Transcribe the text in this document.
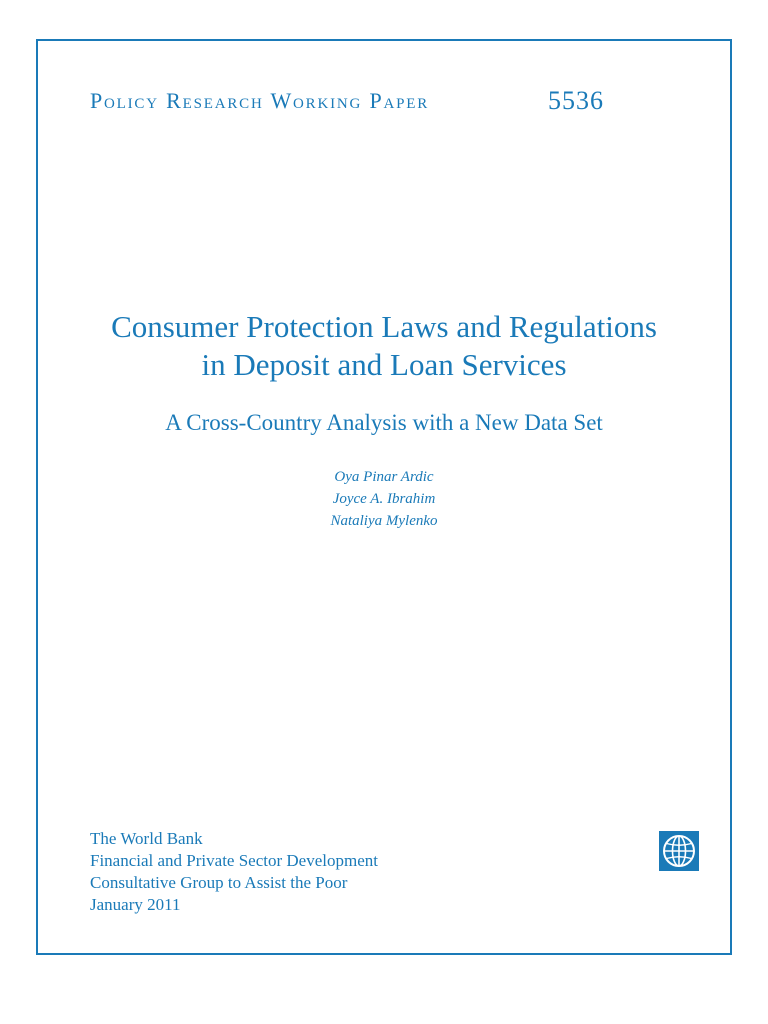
Policy Research Working Paper	5536
Consumer Protection Laws and Regulations
in Deposit and Loan Services
A Cross-Country Analysis with a New Data Set
Oya Pinar Ardic
Joyce A. Ibrahim
Nataliya Mylenko
The World Bank
Financial and Private Sector Development
Consultative Group to Assist the Poor
January 2011
